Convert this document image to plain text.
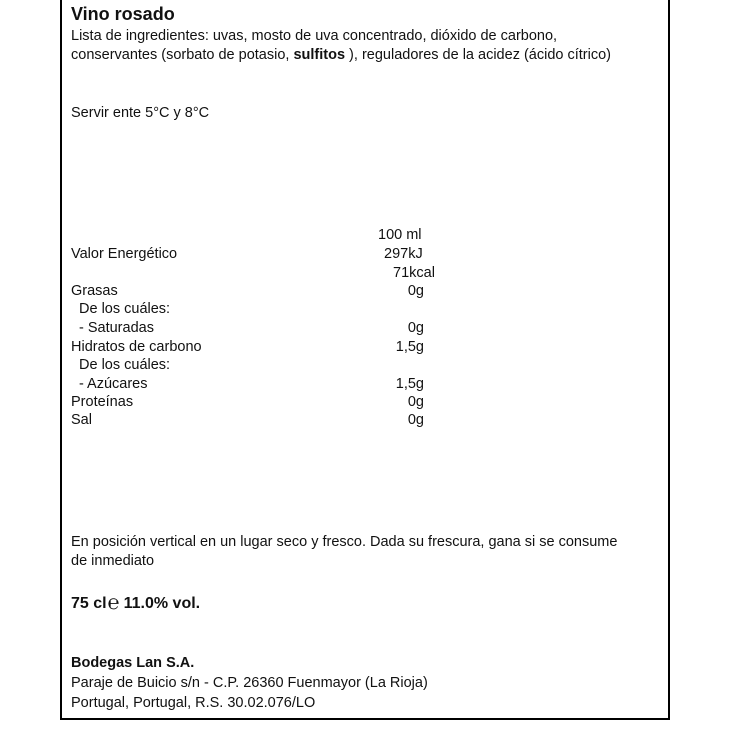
Vino rosado
Lista de ingredientes: uvas, mosto de uva concentrado, dióxido de carbono, conservantes (sorbato de potasio, sulfitos ), reguladores de la acidez (ácido cítrico)
Servir ente 5°C y 8°C
100 ml
Valor Energético	297kJ
71kcal
Grasas	0g
De los cuáles:
- Saturadas	0g
Hidratos de carbono	1,5g
De los cuáles:
- Azúcares	1,5g
Proteínas	0g
Sal	0g
En posición vertical en un lugar seco y fresco. Dada su frescura, gana si se consume de inmediato
75 cl℮ 11.0% vol.
Bodegas Lan S.A.
Paraje de Buicio s/n - C.P. 26360 Fuenmayor (La Rioja)
Portugal, Portugal, R.S. 30.02.076/LO
